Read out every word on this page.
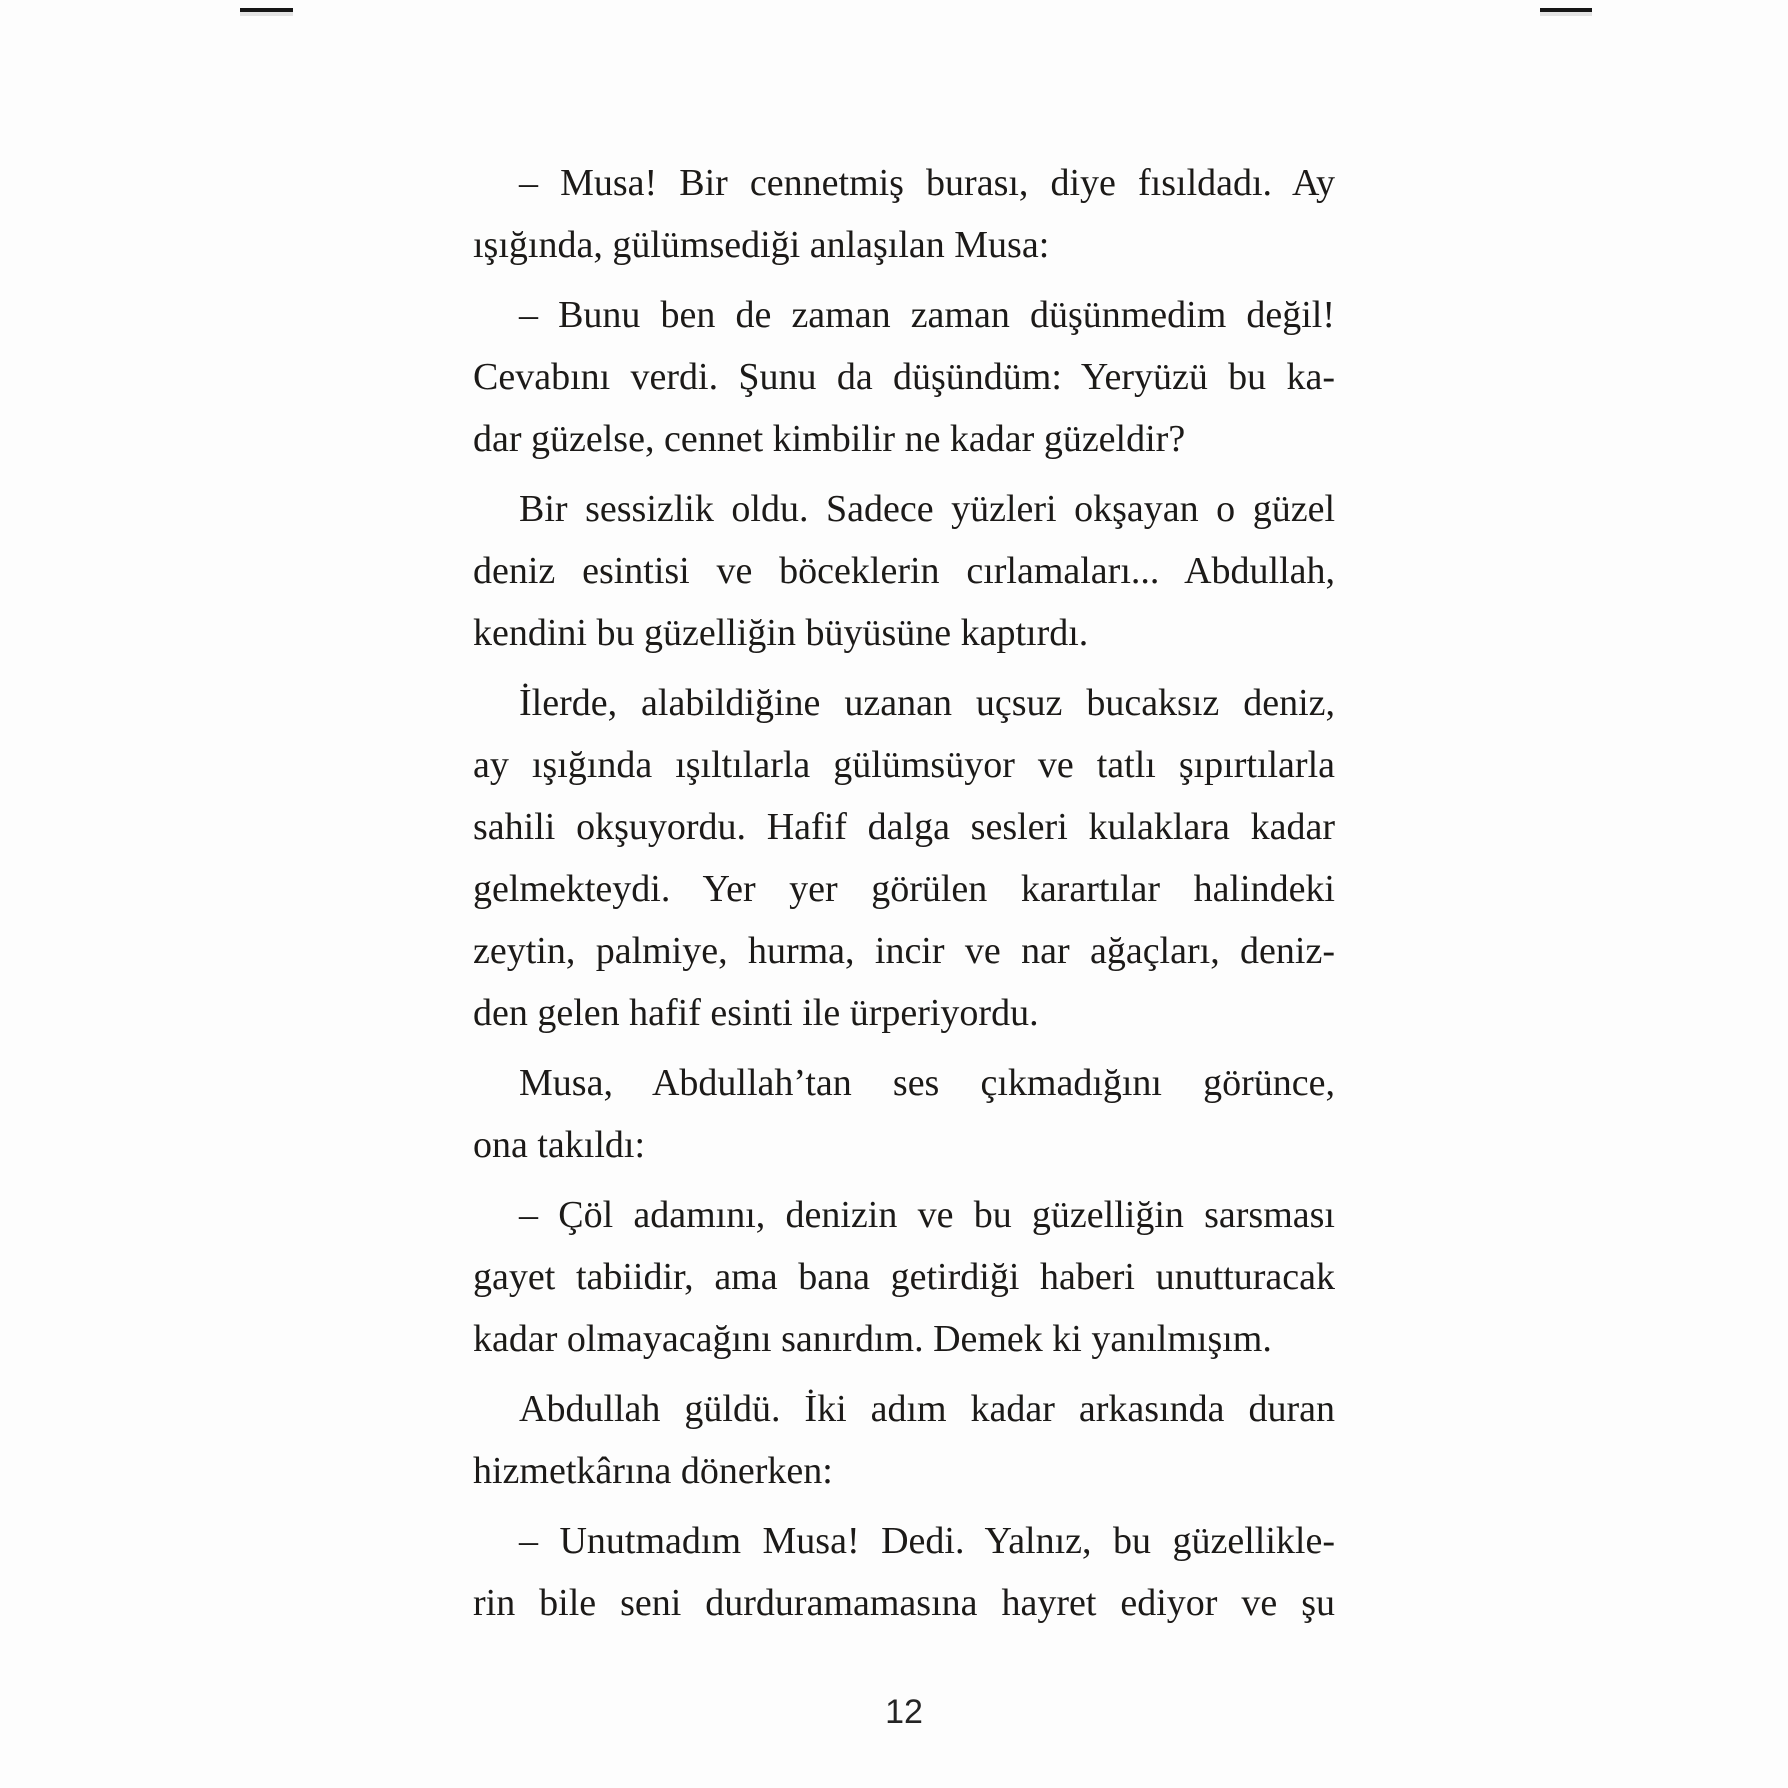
– Musa! Bir cennetmiş burası, diye fısıldadı. Ay
ışığında, gülümsediği anlaşılan Musa:

– Bunu ben de zaman zaman düşünmedim değil!
Cevabını verdi. Şunu da düşündüm: Yeryüzü bu ka-
dar güzelse, cennet kimbilir ne kadar güzeldir?

Bir sessizlik oldu. Sadece yüzleri okşayan o güzel
deniz esintisi ve böceklerin cırlamaları... Abdullah,
kendini bu güzelliğin büyüsüne kaptırdı.

İlerde, alabildiğine uzanan uçsuz bucaksız deniz,
ay ışığında ışıltılarla gülümsüyor ve tatlı şıpırtılarla
sahili okşuyordu. Hafif dalga sesleri kulaklara kadar
gelmekteydi. Yer yer görülen karartılar halindeki
zeytin, palmiye, hurma, incir ve nar ağaçları, deniz-
den gelen hafif esinti ile ürperiyordu.

Musa, Abdullah’tan ses çıkmadığını görünce,
ona takıldı:

– Çöl adamını, denizin ve bu güzelliğin sarsması
gayet tabiidir, ama bana getirdiği haberi unutturacak
kadar olmayacağını sanırdım. Demek ki yanılmışım.

Abdullah güldü. İki adım kadar arkasında duran
hizmetkârına dönerken:

– Unutmadım Musa! Dedi. Yalnız, bu güzellikle-
rin bile seni durduramamasına hayret ediyor ve şu

12
